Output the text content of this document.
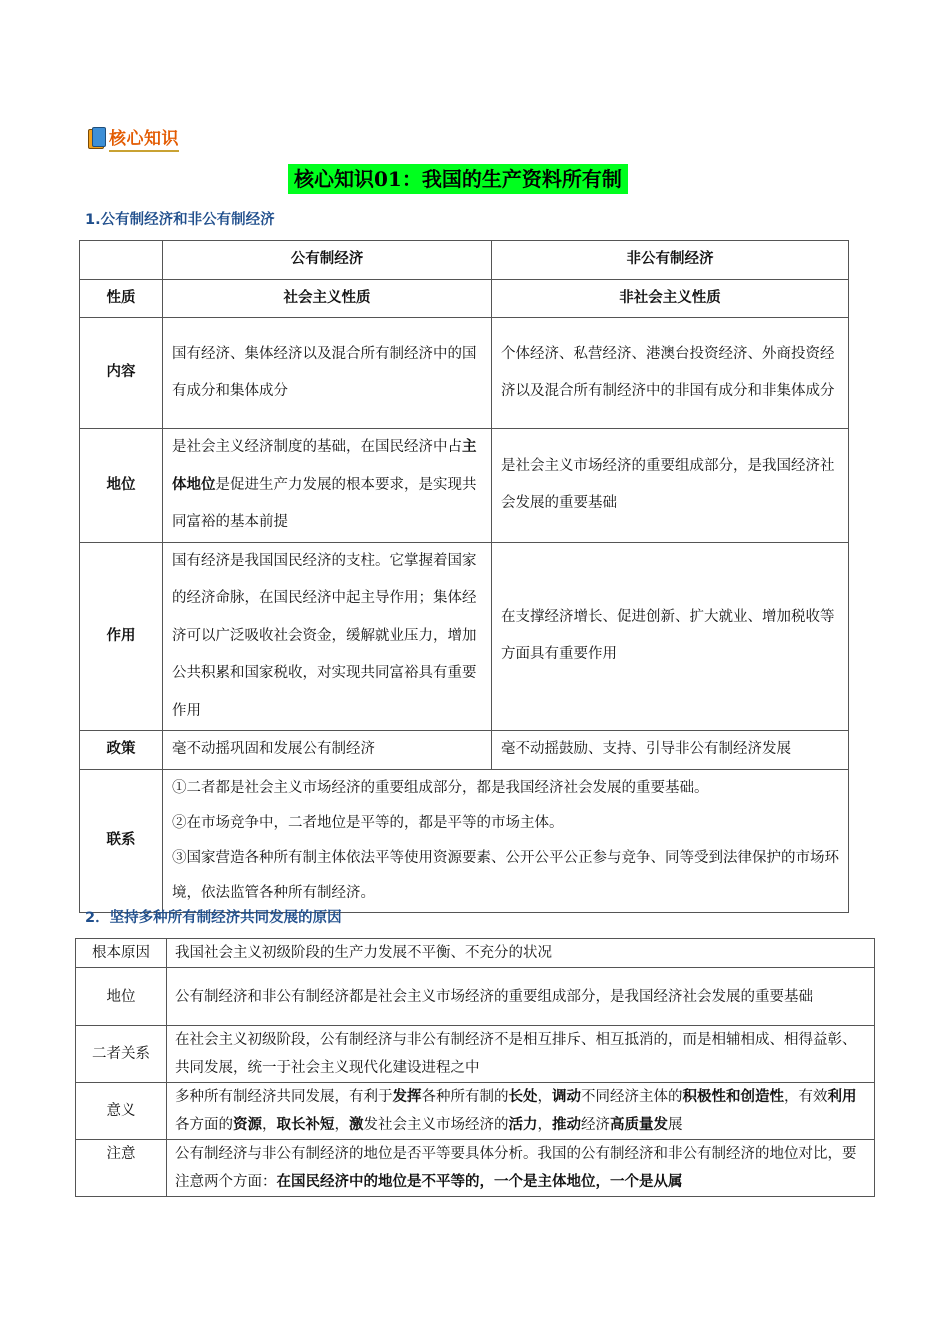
核心知识
核心知识01：我国的生产资料所有制
1.公有制经济和非公有制经济
	公有制经济	非公有制经济
性质	社会主义性质	非社会主义性质
内容	国有经济、集体经济以及混合所有制经济中的国有成分和集体成分	个体经济、私营经济、港澳台投资经济、外商投资经济以及混合所有制经济中的非国有成分和非集体成分
地位	是社会主义经济制度的基础，在国民经济中占主体地位是促进生产力发展的根本要求，是实现共同富裕的基本前提	是社会主义市场经济的重要组成部分，是我国经济社会发展的重要基础
作用	国有经济是我国国民经济的支柱。它掌握着国家的经济命脉，在国民经济中起主导作用；集体经济可以广泛吸收社会资金，缓解就业压力，增加公共积累和国家税收，对实现共同富裕具有重要作用	在支撑经济增长、促进创新、扩大就业、增加税收等方面具有重要作用
政策	毫不动摇巩固和发展公有制经济	毫不动摇鼓励、支持、引导非公有制经济发展
联系	①二者都是社会主义市场经济的重要组成部分，都是我国经济社会发展的重要基础。
②在市场竞争中，二者地位是平等的，都是平等的市场主体。
③国家营造各种所有制主体依法平等使用资源要素、公开公平公正参与竞争、同等受到法律保护的市场环境，依法监管各种所有制经济。	
2．坚持多种所有制经济共同发展的原因
根本原因	我国社会主义初级阶段的生产力发展不平衡、不充分的状况
地位	公有制经济和非公有制经济都是社会主义市场经济的重要组成部分，是我国经济社会发展的重要基础
二者关系	在社会主义初级阶段，公有制经济与非公有制经济不是相互排斥、相互抵消的，而是相辅相成、相得益彰、共同发展，统一于社会主义现代化建设进程之中
意义	多种所有制经济共同发展，有利于发挥各种所有制的长处，调动不同经济主体的积极性和创造性，有效利用各方面的资源，取长补短，激发社会主义市场经济的活力，推动经济高质量发展
注意	公有制经济与非公有制经济的地位是否平等要具体分析。我国的公有制经济和非公有制经济的地位对比，要注意两个方面：在国民经济中的地位是不平等的，一个是主体地位，一个是从属
